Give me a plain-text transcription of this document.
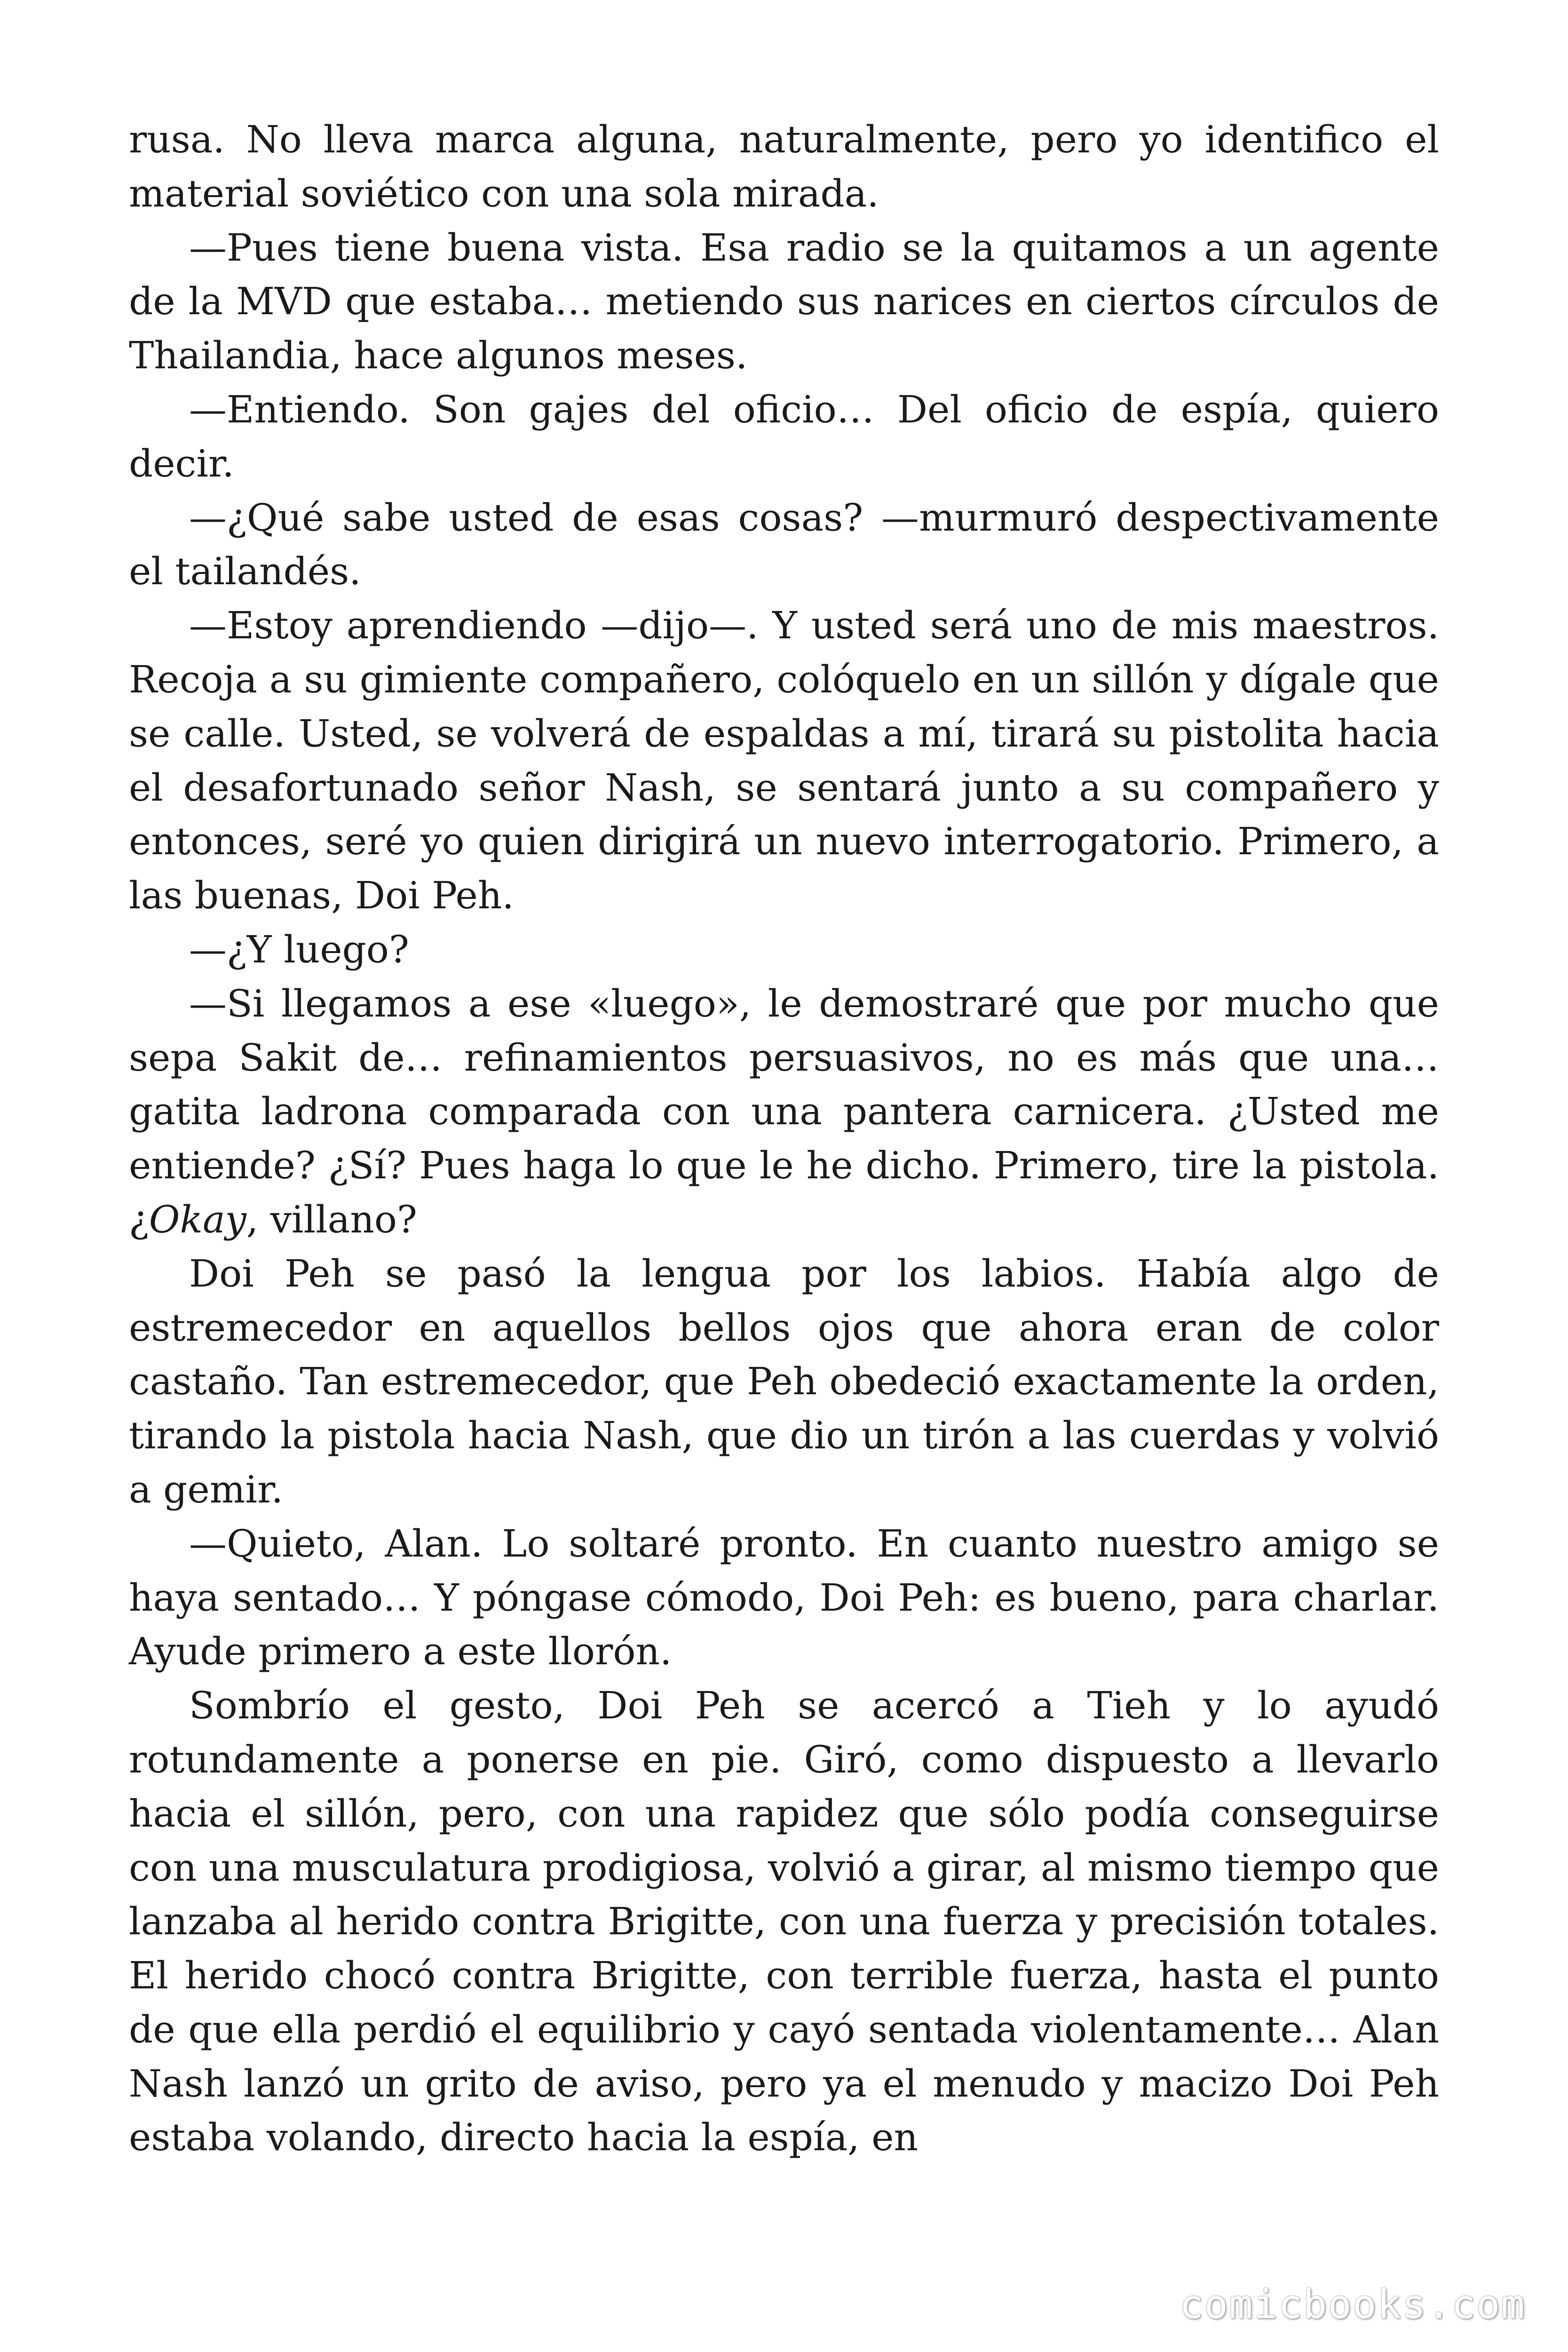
rusa. No lleva marca alguna, naturalmente, pero yo identifico el material soviético con una sola mirada.

—Pues tiene buena vista. Esa radio se la quitamos a un agente de la MVD que estaba… metiendo sus narices en ciertos círculos de Thailandia, hace algunos meses.

—Entiendo. Son gajes del oficio… Del oficio de espía, quiero decir.

—¿Qué sabe usted de esas cosas? —murmuró despectivamente el tailandés.

—Estoy aprendiendo —dijo—. Y usted será uno de mis maestros. Recoja a su gimiente compañero, colóquelo en un sillón y dígale que se calle. Usted, se volverá de espaldas a mí, tirará su pistolita hacia el desafortunado señor Nash, se sentará junto a su compañero y entonces, seré yo quien dirigirá un nuevo interrogatorio. Primero, a las buenas, Doi Peh.

—¿Y luego?

—Si llegamos a ese «luego», le demostraré que por mucho que sepa Sakit de… refinamientos persuasivos, no es más que una… gatita ladrona comparada con una pantera carnicera. ¿Usted me entiende? ¿Sí? Pues haga lo que le he dicho. Primero, tire la pistola. ¿Okay, villano?

Doi Peh se pasó la lengua por los labios. Había algo de estremecedor en aquellos bellos ojos que ahora eran de color castaño. Tan estremecedor, que Peh obedeció exactamente la orden, tirando la pistola hacia Nash, que dio un tirón a las cuerdas y volvió a gemir.

—Quieto, Alan. Lo soltaré pronto. En cuanto nuestro amigo se haya sentado… Y póngase cómodo, Doi Peh: es bueno, para charlar. Ayude primero a este llorón.

Sombrío el gesto, Doi Peh se acercó a Tieh y lo ayudó rotundamente a ponerse en pie. Giró, como dispuesto a llevarlo hacia el sillón, pero, con una rapidez que sólo podía conseguirse con una musculatura prodigiosa, volvió a girar, al mismo tiempo que lanzaba al herido contra Brigitte, con una fuerza y precisión totales. El herido chocó contra Brigitte, con terrible fuerza, hasta el punto de que ella perdió el equilibrio y cayó sentada violentamente… Alan Nash lanzó un grito de aviso, pero ya el menudo y macizo Doi Peh estaba volando, directo hacia la espía, en

comicbooks.com
